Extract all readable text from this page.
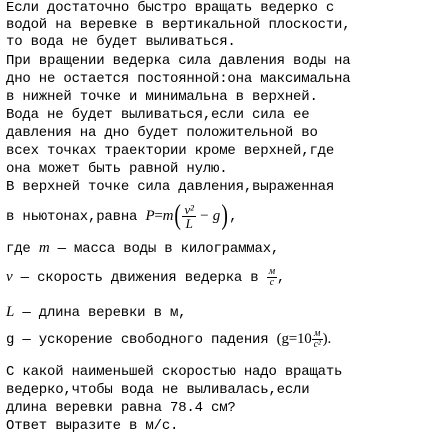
Если достаточно быстро вращать ведерко с
водой на веревке в вертикальной плоскости,
то вода не будет выливаться.
При вращении ведерка сила давления воды на
дно не остается постоянной:она максимальна
в нижней точке и минимальна в верхней.
Вода не будет выливаться,если сила ее
давления на дно будет положительной во
всех точках траектории кроме верхней,где
она может быть равной нулю.
В верхней точке сила давления,выраженная
в ньютонах,равна $P=m( \frac{\text{v²}}{L} - g)$,
где m — масса воды в килограммах,
v — скорость движения ведерка в $\frac{м}{с}$ ,
L — длина веревки в м,
g — ускорение свободного падения ($g=10 \frac{м}{\text{с²}}$ ).
С какой наименьшей скоростью надо вращать
ведерко,чтобы вода не выливалась,если
длина веревки равна 78.4 см?
Ответ выразите в м/с.
